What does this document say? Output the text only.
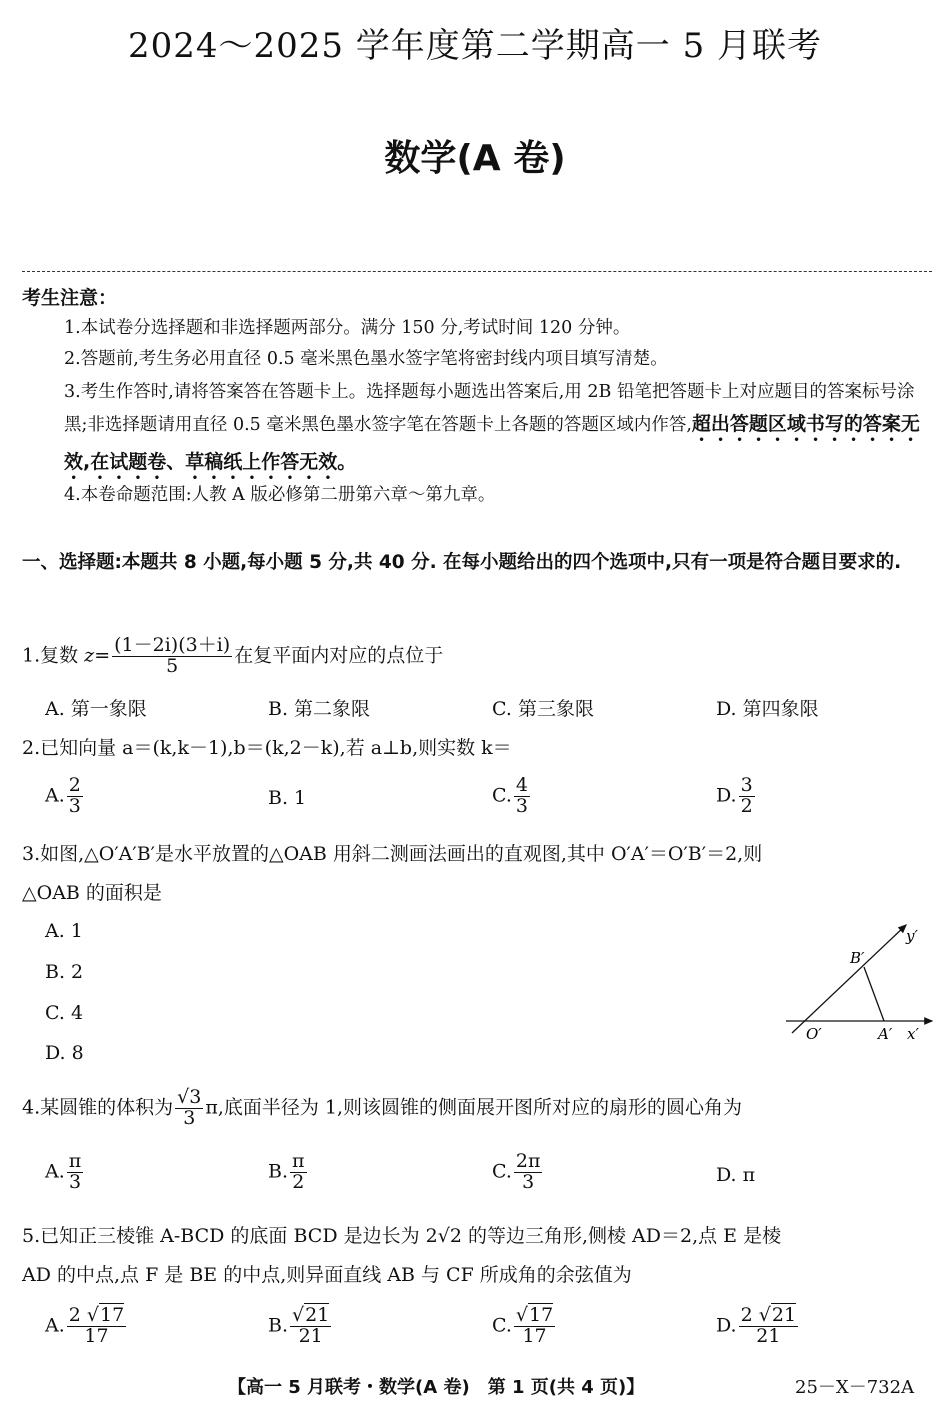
2024～2025 学年度第二学期高一 5 月联考
数学(A 卷)
考生注意：
1.本试卷分选择题和非选择题两部分。满分 150 分,考试时间 120 分钟。
2.答题前,考生务必用直径 0.5 毫米黑色墨水签字笔将密封线内项目填写清楚。
3.考生作答时,请将答案答在答题卡上。选择题每小题选出答案后,用 2B 铅笔把答题卡上对应题目的答案标号涂黑;非选择题请用直径 0.5 毫米黑色墨水签字笔在答题卡上各题的答题区域内作答,超出答题区域书写的答案无效,在试题卷、草稿纸上作答无效。
4.本卷命题范围:人教 A 版必修第二册第六章～第九章。
一、选择题:本题共 8 小题,每小题 5 分,共 40 分. 在每小题给出的四个选项中,只有一项是符合题目要求的.
1.复数 $z= \frac{(1-2i)(3+i)}{5}$ 在复平面内对应的点位于
A. 第一象限	B. 第二象限	C. 第三象限	D. 第四象限
2.已知向量 a＝(k,k－1),b＝(k,2－k),若 a⊥b,则实数 k＝
A. $\frac{2}{3}$	B. 1	C. $\frac{4}{3}$	D. $\frac{3}{2}$
3.如图,△O′A′B′是水平放置的△OAB 用斜二测画法画出的直观图,其中 O′A′＝O′B′＝2,则
△OAB 的面积是
A. 1
B. 2
C. 4
D. 8
y′
x′
O′	A′
B′
4.某圆锥的体积为 $\frac{√3}{3} \pi$,底面半径为 1,则该圆锥的侧面展开图所对应的扇形的圆心角为
A. $\frac{\pi}{3}$	B. $\frac{\pi}{2}$	C. $\frac{2\pi}{3}$	D. π
5.已知正三棱锥 A-BCD 的底面 BCD 是边长为 2√2 的等边三角形,侧棱 AD＝2,点 E 是棱
AD 的中点,点 F 是 BE 的中点,则异面直线 AB 与 CF 所成角的余弦值为
A. $\frac{2 √17}{17}$	B. $\frac{√21}{21}$	C. $\frac{√17}{17}$	D. $\frac{2 √21}{21}$
【高一 5 月联考・数学(A 卷)　第 1 页(共 4 页)】	25－X－732A
